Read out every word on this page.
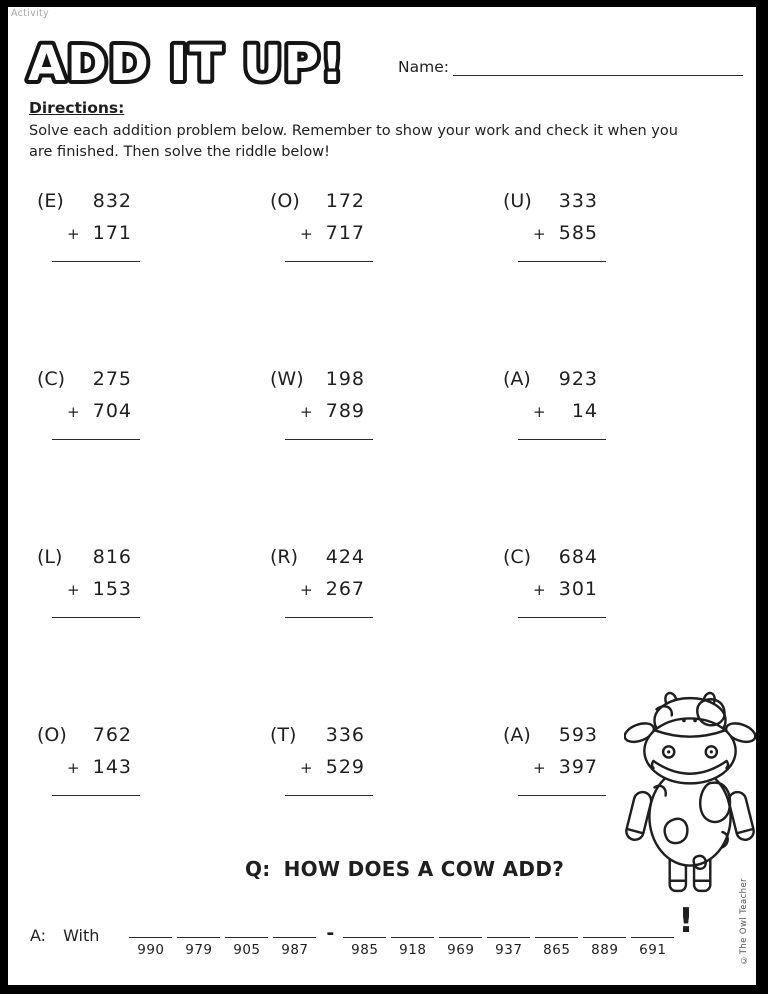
Activity
ADD IT UP!	Name:
Directions:
Solve each addition problem below. Remember to show your work and check it when you are finished. Then solve the riddle below!
(E) 832
+ 171
(O) 172
+ 717
(U) 333
+ 585
(C) 275
+ 704
(W) 198
+ 789
(A) 923
+ 14
(L) 816
+ 153
(R) 424
+ 267
(C) 684
+ 301
(O) 762
+ 143
(T) 336
+ 529
(A) 593
+ 397
Q: HOW DOES A COW ADD?
A: With
990	979	905	987
-
985	918	969	937	865	889	691
!	©The Owl Teacher
